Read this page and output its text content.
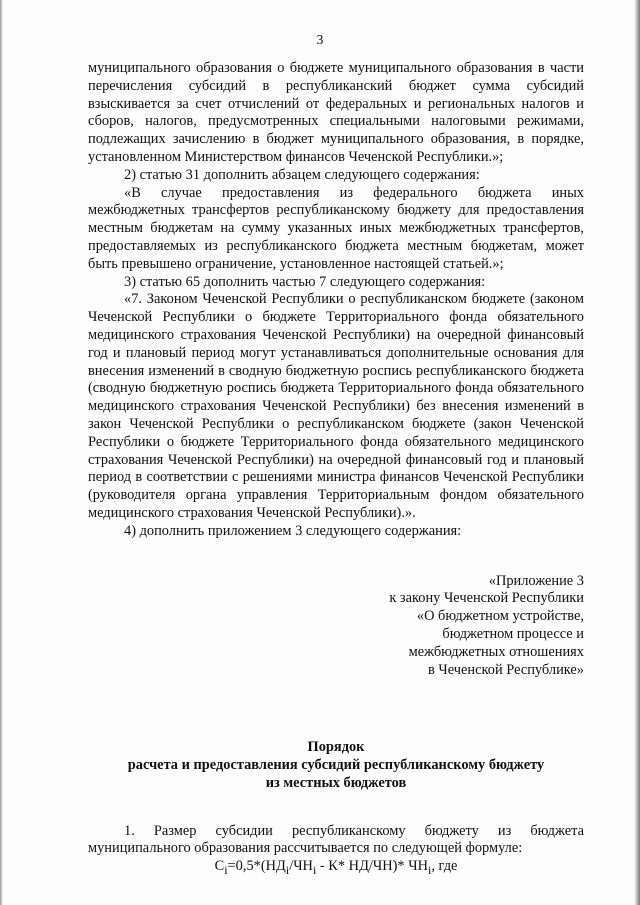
3

муниципального образования о бюджете муниципального образования в части перечисления субсидий в республиканский бюджет сумма субсидий взыскивается за счет отчислений от федеральных и региональных налогов и сборов, налогов, предусмотренных специальными налоговыми режимами, подлежащих зачислению в бюджет муниципального образования, в порядке, установленном Министерством финансов Чеченской Республики.»;

2) статью 31 дополнить абзацем следующего содержания:

«В случае предоставления из федерального бюджета иных межбюджетных трансфертов республиканскому бюджету для предоставления местным бюджетам на сумму указанных иных межбюджетных трансфертов, предоставляемых из республиканского бюджета местным бюджетам, может быть превышено ограничение, установленное настоящей статьей.»;

3) статью 65 дополнить частью 7 следующего содержания:

«7. Законом Чеченской Республики о республиканском бюджете (законом Чеченской Республики о бюджете Территориального фонда обязательного медицинского страхования Чеченской Республики) на очередной финансовый год и плановый период могут устанавливаться дополнительные основания для внесения изменений в сводную бюджетную роспись республиканского бюджета (сводную бюджетную роспись бюджета Территориального фонда обязательного медицинского страхования Чеченской Республики) без внесения изменений в закон Чеченской Республики о республиканском бюджете (закон Чеченской Республики о бюджете Территориального фонда обязательного медицинского страхования Чеченской Республики) на очередной финансовый год и плановый период в соответствии с решениями министра финансов Чеченской Республики (руководителя органа управления Территориальным фондом обязательного медицинского страхования Чеченской Республики).».

4) дополнить приложением 3 следующего содержания:

«Приложение 3
к закону Чеченской Республики
«О бюджетном устройстве,
бюджетном процессе и
межбюджетных отношениях
в Чеченской Республике»
Порядок
расчета и предоставления субсидий республиканскому бюджету
из местных бюджетов

1. Размер субсидии республиканскому бюджету из бюджета муниципального образования рассчитывается по следующей формуле:

$C_i=0,5*(НД_i/ЧН_i - К*$ НД/ЧН)* $ЧН_i$, где
